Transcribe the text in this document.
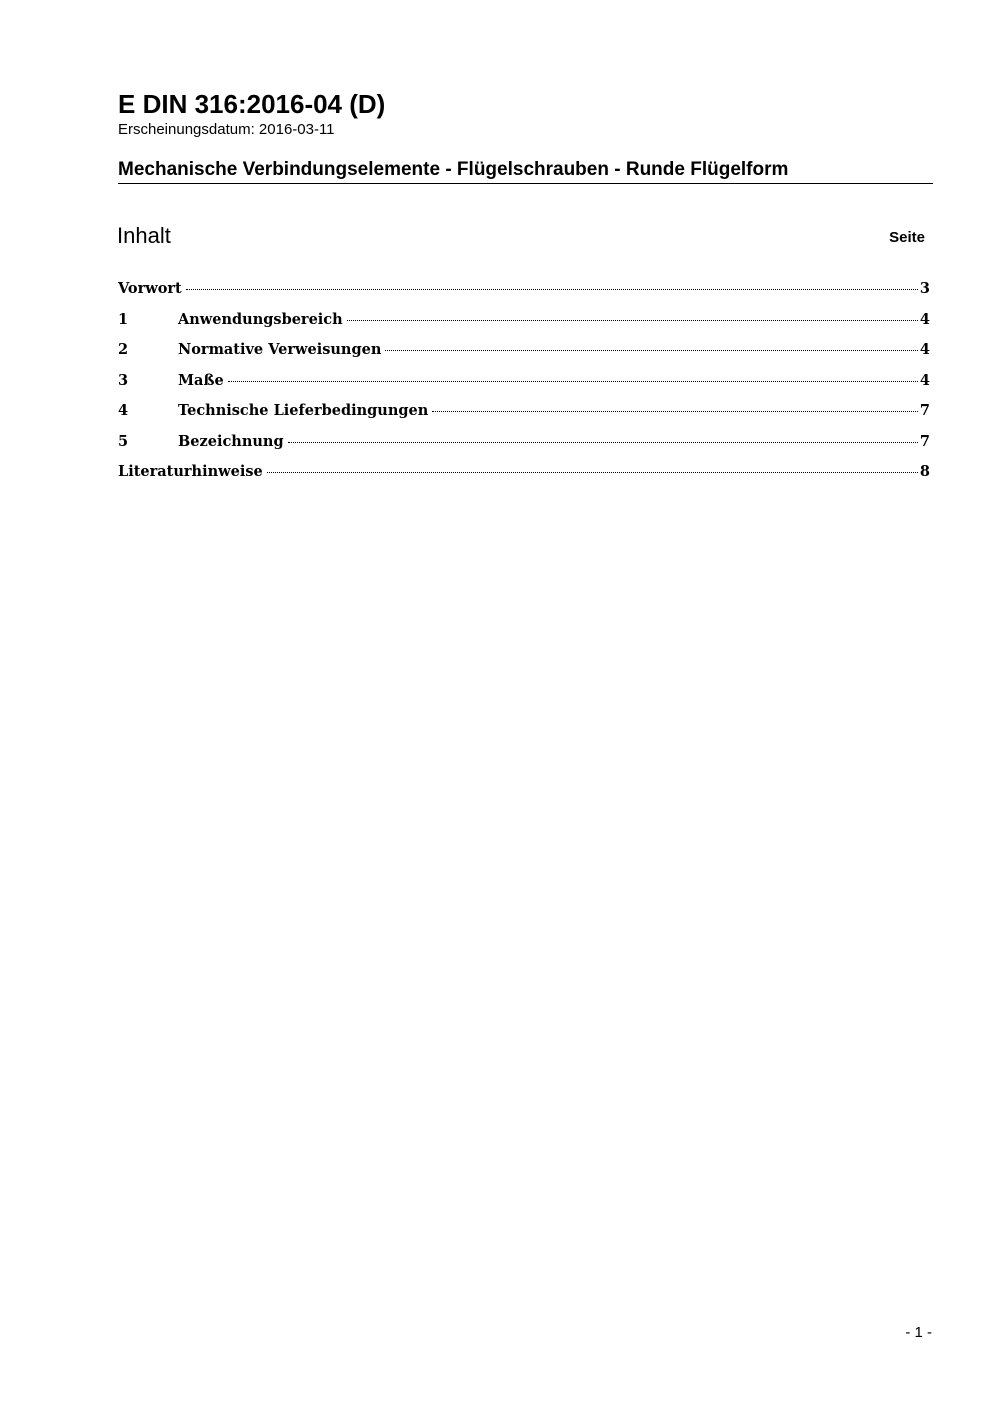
E DIN 316:2016-04 (D)
Erscheinungsdatum: 2016-03-11
Mechanische Verbindungselemente - Flügelschrauben - Runde Flügelform
Inhalt	Seite
Vorwort	3
1	Anwendungsbereich	4
2	Normative Verweisungen	4
3	Maße	4
4	Technische Lieferbedingungen	7
5	Bezeichnung	7
Literaturhinweise	8
- 1 -
